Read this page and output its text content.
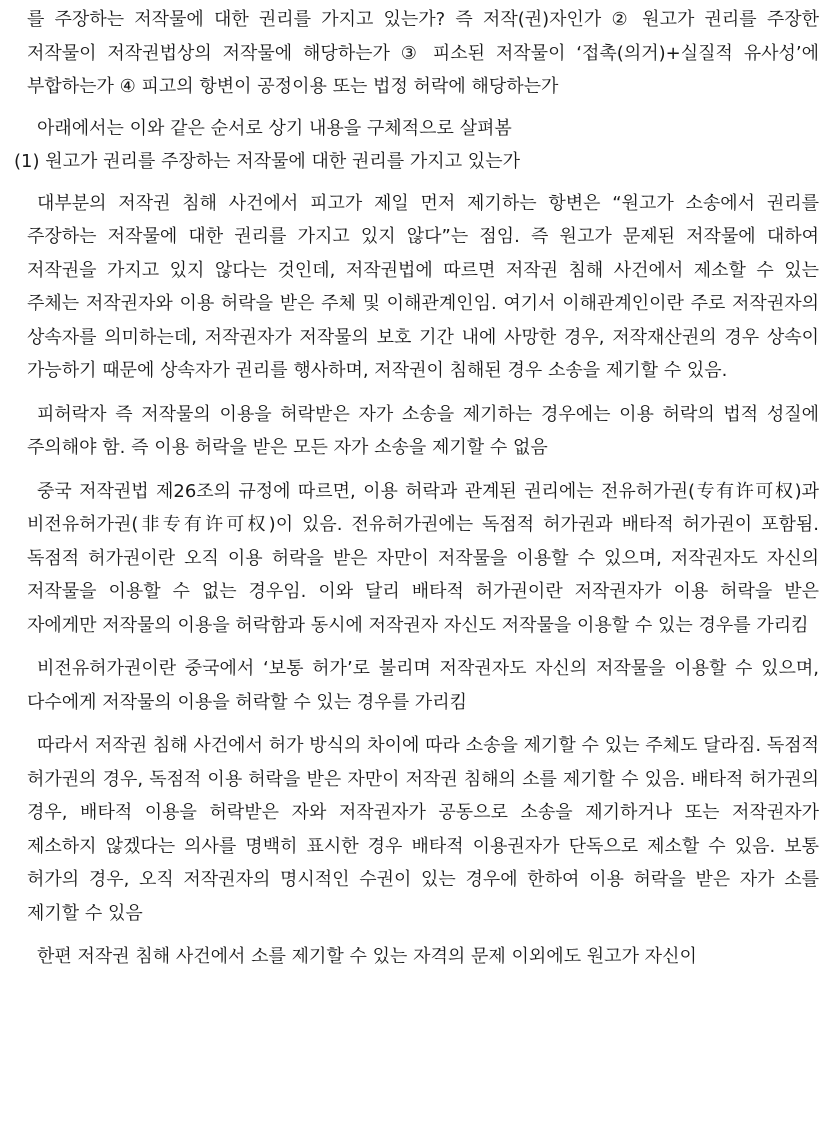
를 주장하는 저작물에 대한 권리를 가지고 있는가? 즉 저작(권)자인가 ② 원고가 권리를 주장한 저작물이 저작권법상의 저작물에 해당하는가 ③ 피소된 저작물이 ‘접촉(의거)+실질적 유사성’에 부합하는가 ④ 피고의 항변이 공정이용 또는 법정 허락에 해당하는가

아래에서는 이와 같은 순서로 상기 내용을 구체적으로 살펴봄

(1) 원고가 권리를 주장하는 저작물에 대한 권리를 가지고 있는가

대부분의 저작권 침해 사건에서 피고가 제일 먼저 제기하는 항변은 “원고가 소송에서 권리를 주장하는 저작물에 대한 권리를 가지고 있지 않다”는 점임. 즉 원고가 문제된 저작물에 대하여 저작권을 가지고 있지 않다는 것인데, 저작권법에 따르면 저작권 침해 사건에서 제소할 수 있는 주체는 저작권자와 이용 허락을 받은 주체 및 이해관계인임. 여기서 이해관계인이란 주로 저작권자의 상속자를 의미하는데, 저작권자가 저작물의 보호 기간 내에 사망한 경우, 저작재산권의 경우 상속이 가능하기 때문에 상속자가 권리를 행사하며, 저작권이 침해된 경우 소송을 제기할 수 있음.

피허락자 즉 저작물의 이용을 허락받은 자가 소송을 제기하는 경우에는 이용 허락의 법적 성질에 주의해야 함. 즉 이용 허락을 받은 모든 자가 소송을 제기할 수 없음

중국 저작권법 제26조의 규정에 따르면, 이용 허락과 관계된 권리에는 전유허가권(专有许可权)과 비전유허가권(非专有许可权)이 있음. 전유허가권에는 독점적 허가권과 배타적 허가권이 포함됨. 독점적 허가권이란 오직 이용 허락을 받은 자만이 저작물을 이용할 수 있으며, 저작권자도 자신의 저작물을 이용할 수 없는 경우임. 이와 달리 배타적 허가권이란 저작권자가 이용 허락을 받은 자에게만 저작물의 이용을 허락함과 동시에 저작권자 자신도 저작물을 이용할 수 있는 경우를 가리킴

비전유허가권이란 중국에서 ‘보통 허가’로 불리며 저작권자도 자신의 저작물을 이용할 수 있으며, 다수에게 저작물의 이용을 허락할 수 있는 경우를 가리킴

따라서 저작권 침해 사건에서 허가 방식의 차이에 따라 소송을 제기할 수 있는 주체도 달라짐. 독점적 허가권의 경우, 독점적 이용 허락을 받은 자만이 저작권 침해의 소를 제기할 수 있음. 배타적 허가권의 경우, 배타적 이용을 허락받은 자와 저작권자가 공동으로 소송을 제기하거나 또는 저작권자가 제소하지 않겠다는 의사를 명백히 표시한 경우 배타적 이용권자가 단독으로 제소할 수 있음. 보통 허가의 경우, 오직 저작권자의 명시적인 수권이 있는 경우에 한하여 이용 허락을 받은 자가 소를 제기할 수 있음

한편 저작권 침해 사건에서 소를 제기할 수 있는 자격의 문제 이외에도 원고가 자신이
